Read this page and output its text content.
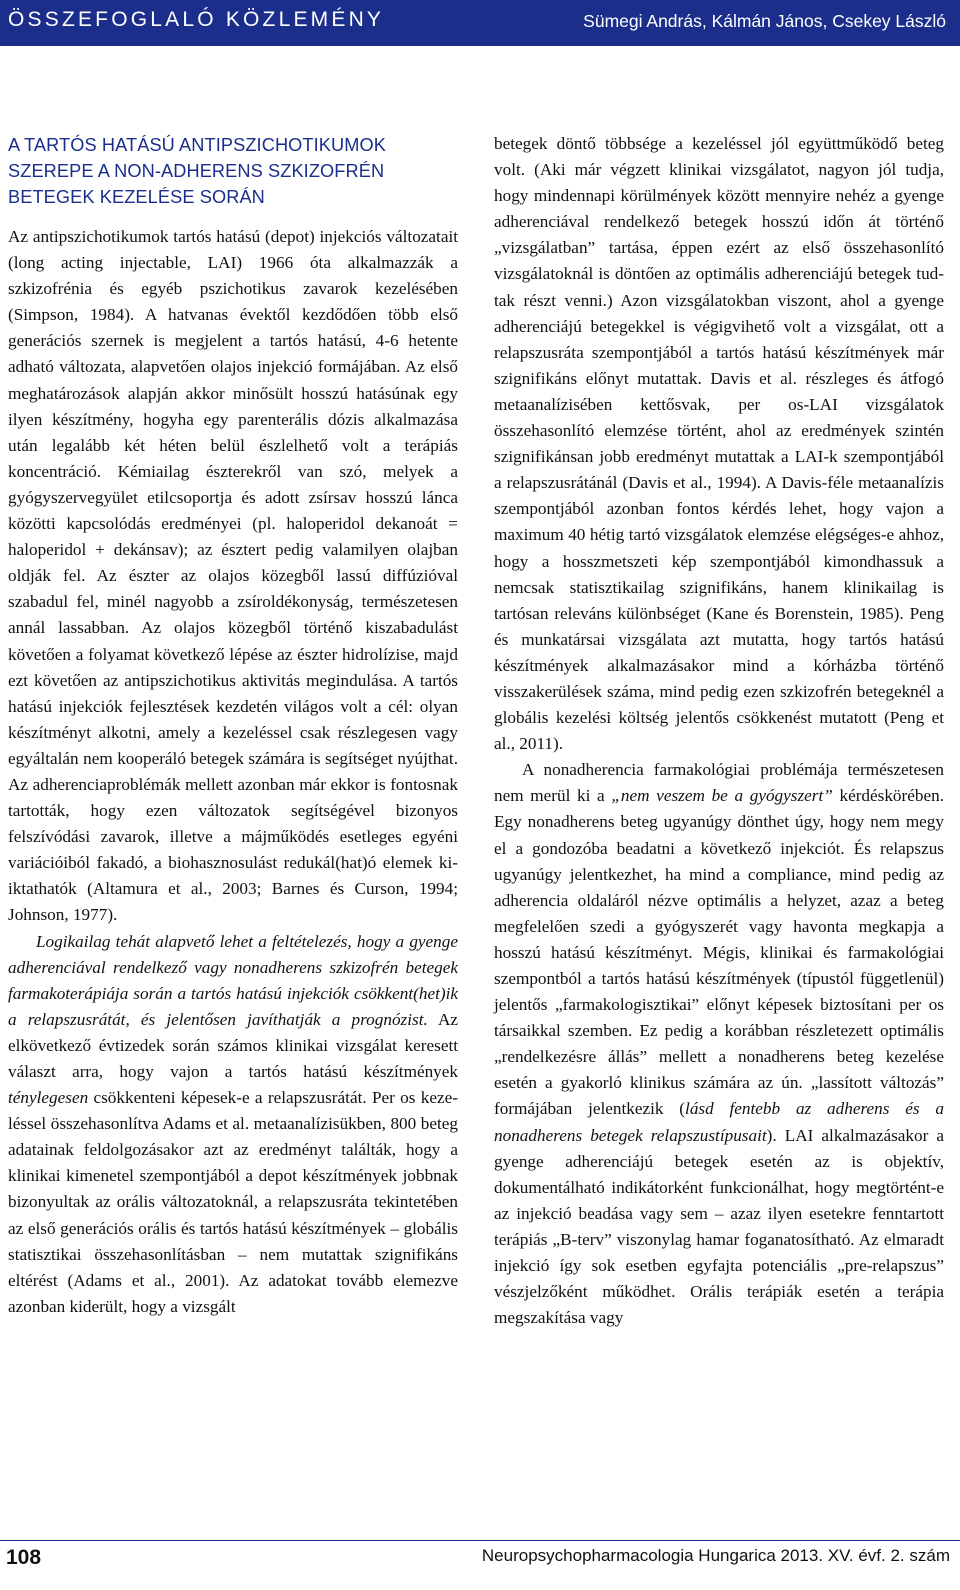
ÖSSZEFOGLALÓ KÖZLEMÉNY	Sümegi András, Kálmán János, Csekey László
A TARTÓS HATÁSÚ ANTIPSZICHOTIKUMOK SZEREPE A NON-ADHERENS SZKIZOFRÉN BETEGEK KEZELÉSE SORÁN

Az antipszichotikumok tartós hatású (depot) injekciós változatait (long acting injectable, LAI) 1966 óta alkalmazzák a szkizofrénia és egyéb pszichotikus zavarok kezelésében (Simpson, 1984). A hatvanas évektől kezdődően több első generációs szernek is megjelent a tartós hatású, 4-6 hetente adható változata, alapvetően olajos injekció formájában. Az első meghatározások alapján akkor minősült hosszú hatásúnak egy ilyen készítmény, hogyha egy parenterális dózis alkalmazása után legalább két héten belül észlelhető volt a terápiás koncentráció. Kémiailag észterekről van szó, melyek a gyógyszervegyület etilcsoportja és adott zsírsav hosszú lánca közötti kapcsolódás eredményei (pl. haloperidol dekanoát = haloperidol + dekánsav); az észtert pedig valamilyen olajban oldják fel. Az észter az olajos közegből lassú diffúzióval szabadul fel, minél nagyobb a zsíroldékonyság, természetesen annál lassabban. Az olajos közegből történő kiszabadulást követően a folyamat következő lépése az észter hidrolízise, majd ezt követően az antipszichotikus aktivitás megindulása. A tartós hatású injekciók fejlesztések kezdetén világos volt a cél: olyan készítményt alkotni, amely a kezeléssel csak részlegesen vagy egyáltalán nem kooperáló betegek számára is segítséget nyújthat. Az adherenciaproblémák mellett azonban már ekkor is fontosnak tartották, hogy ezen változatok segítségével bizonyos felszívódási zavarok, illetve a májműködés esetleges egyéni variációiból fakadó, a biohasznosulást redukál(hat)ó elemek kiiktathatók (Altamura et al., 2003; Barnes és Curson, 1994; Johnson, 1977).

Logikailag tehát alapvető lehet a feltételezés, hogy a gyenge adherenciával rendelkező vagy nonadherens szkizofrén betegek farmakoterápiája során a tartós hatású injekciók csökkent(het)ik a relapszusrátát, és jelentősen javíthatják a prognózist. Az elkövetkező évtizedek során számos klinikai vizsgálat keresett választ arra, hogy vajon a tartós hatású készítmények ténylegesen csökkenteni képesek-e a relapszusrátát. Per os kezeléssel összehasonlítva Adams et al. metaanalízisükben, 800 beteg adatainak feldolgozásakor azt az eredményt találták, hogy a klinikai kimenetel szempontjából a depot készítmények jobbnak bizonyultak az orális változatoknál, a relapszusráta tekintetében az első generációs orális és tartós hatású készítmények – globális statisztikai összehasonlításban – nem mutattak szignifikáns eltérést (Adams et al., 2001). Az adatokat tovább elemezve azonban kiderült, hogy a vizsgált

betegek döntő többsége a kezeléssel jól együttműködő beteg volt. (Aki már végzett klinikai vizsgálatot, nagyon jól tudja, hogy mindennapi körülmények között mennyire nehéz a gyenge adherenciával rendelkező betegek hosszú időn át történő „vizsgálatban” tartása, éppen ezért az első összehasonlító vizsgálatoknál is döntően az optimális adherenciájú betegek tudtak részt venni.) Azon vizsgálatokban viszont, ahol a gyenge adherenciájú betegekkel is végigvihető volt a vizsgálat, ott a relapszusráta szempontjából a tartós hatású készítmények már szignifikáns előnyt mutattak. Davis et al. részleges és átfogó metaanalízisében kettősvak, per os-LAI vizsgálatok összehasonlító elemzése történt, ahol az eredmények szintén szignifikánsan jobb eredményt mutattak a LAI-k szempontjából a relapszusrátánál (Davis et al., 1994). A Davis-féle metaanalízis szempontjából azonban fontos kérdés lehet, hogy vajon a maximum 40 hétig tartó vizsgálatok elemzése elégséges-e ahhoz, hogy a hosszmetszeti kép szempontjából kimondhassuk a nemcsak statisztikailag szignifikáns, hanem klinikailag is tartósan releváns különbséget (Kane és Borenstein, 1985). Peng és munkatársai vizsgálata azt mutatta, hogy tartós hatású készítmények alkalmazásakor mind a kórházba történő visszakerülések száma, mind pedig ezen szkizofrén betegeknél a globális kezelési költség jelentős csökkenést mutatott (Peng et al., 2011).

A nonadherencia farmakológiai problémája természetesen nem merül ki a „nem veszem be a gyógyszert” kérdéskörében. Egy nonadherens beteg ugyanúgy dönthet úgy, hogy nem megy el a gondozóba beadatni a következő injekciót. És relapszus ugyanúgy jelentkezhet, ha mind a compliance, mind pedig az adherencia oldaláról nézve optimális a helyzet, azaz a beteg megfelelően szedi a gyógyszerét vagy havonta megkapja a hosszú hatású készítményt. Mégis, klinikai és farmakológiai szempontból a tartós hatású készítmények (típustól függetlenül) jelentős „farmakologisztikai” előnyt képesek biztosítani per os társaikkal szemben. Ez pedig a korábban részletezett optimális „rendelkezésre állás” mellett a nonadherens beteg kezelése esetén a gyakorló klinikus számára az ún. „lassított változás” formájában jelentkezik (lásd fentebb az adherens és a nonadherens betegek relapszustípusait). LAI alkalmazásakor a gyenge adherenciájú betegek esetén az is objektív, dokumentálható indikátorként funkcionálhat, hogy megtörtént-e az injekció beadása vagy sem – azaz ilyen esetekre fenntartott terápiás „B-terv” viszonylag hamar foganatosítható. Az elmaradt injekció így sok esetben egyfajta potenciális „pre-relapszus” vészjelzőként működhet. Orális terápiák esetén a terápia megszakítása vagy

108	Neuropsychopharmacologia Hungarica 2013. XV. évf. 2. szám
